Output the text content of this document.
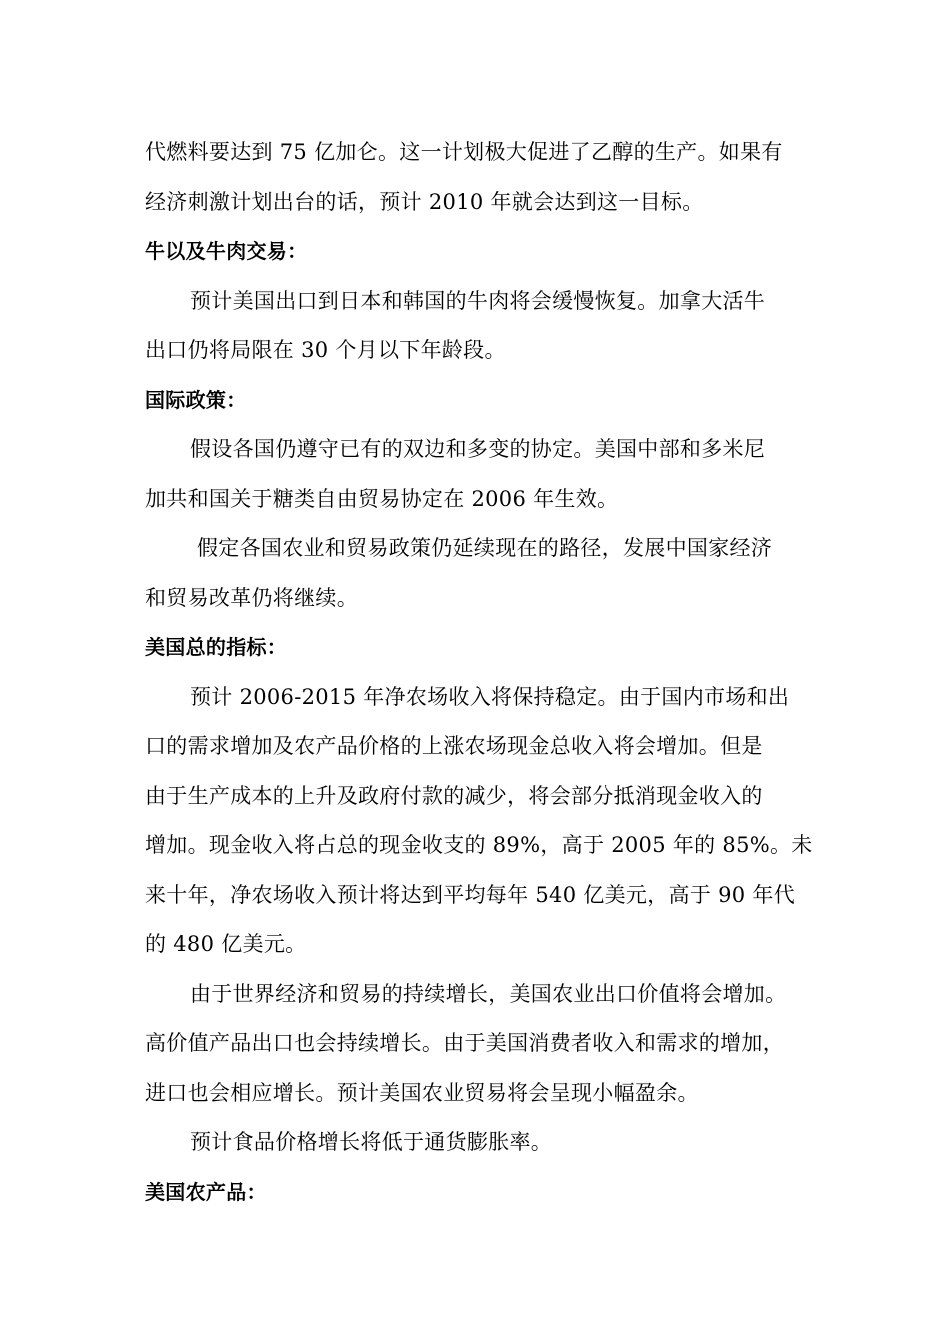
代燃料要达到 75 亿加仑。这一计划极大促进了乙醇的生产。如果有
经济刺激计划出台的话，预计 2010 年就会达到这一目标。
牛以及牛肉交易：
预计美国出口到日本和韩国的牛肉将会缓慢恢复。加拿大活牛
出口仍将局限在 30 个月以下年龄段。
国际政策：
假设各国仍遵守已有的双边和多变的协定。美国中部和多米尼
加共和国关于糖类自由贸易协定在 2006 年生效。
假定各国农业和贸易政策仍延续现在的路径，发展中国家经济
和贸易改革仍将继续。
美国总的指标：
预计 2006-2015 年净农场收入将保持稳定。由于国内市场和出
口的需求增加及农产品价格的上涨农场现金总收入将会增加。但是
由于生产成本的上升及政府付款的减少，将会部分抵消现金收入的
增加。现金收入将占总的现金收支的 89%，高于 2005 年的 85%。未
来十年，净农场收入预计将达到平均每年 540 亿美元，高于 90 年代
的 480 亿美元。
由于世界经济和贸易的持续增长，美国农业出口价值将会增加。
高价值产品出口也会持续增长。由于美国消费者收入和需求的增加，
进口也会相应增长。预计美国农业贸易将会呈现小幅盈余。
预计食品价格增长将低于通货膨胀率。
美国农产品：
